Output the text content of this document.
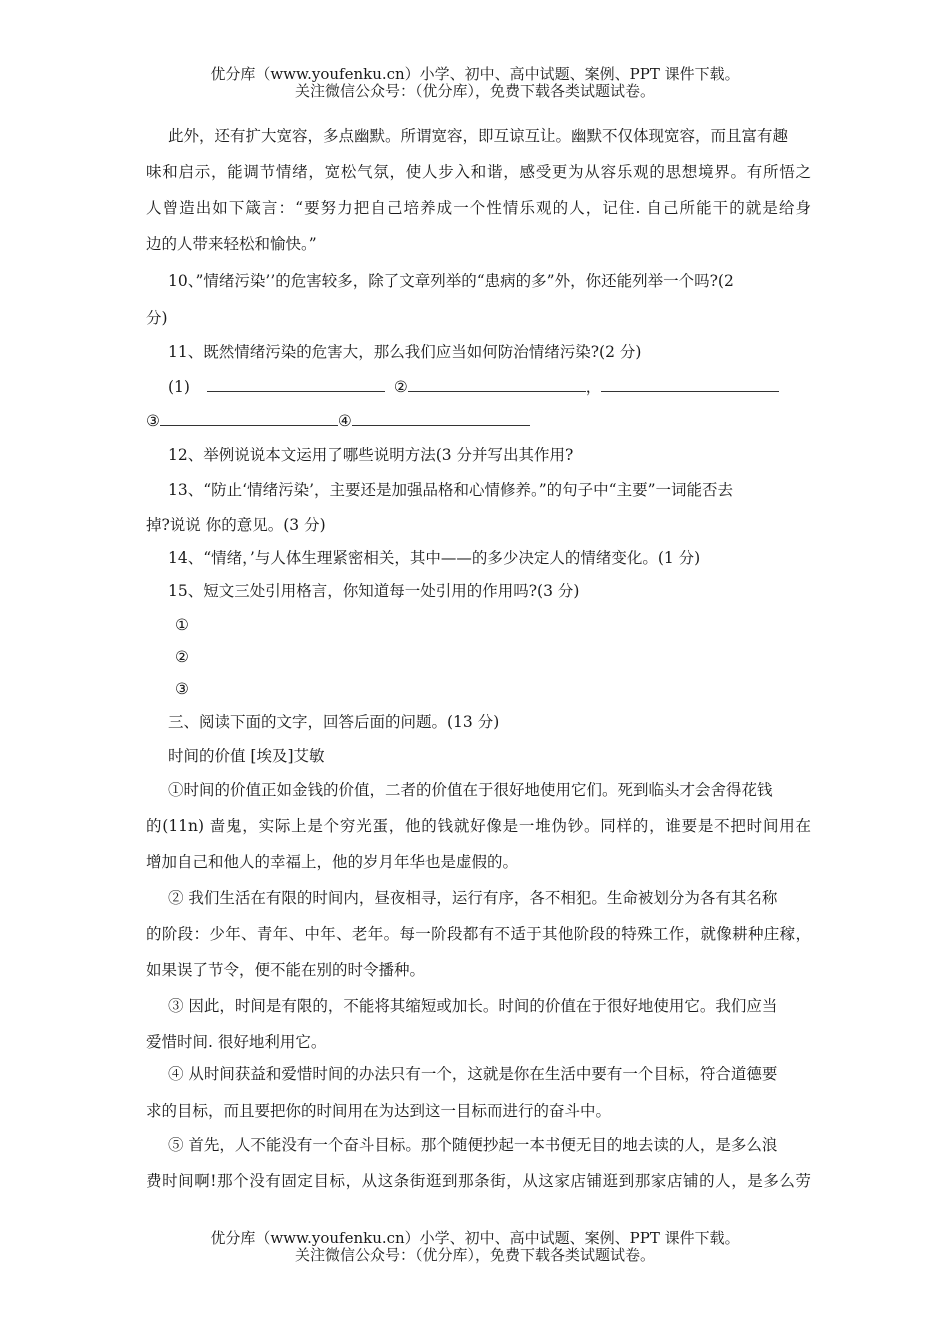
优分库（www.youfenku.cn）小学、初中、高中试题、案例、PPT 课件下载。
关注微信公众号：（优分库），免费下载各类试题试卷。
此外，还有扩大宽容，多点幽默。所谓宽容，即互谅互让。幽默不仅体现宽容，而且富有趣
味和启示，能调节情绪，宽松气氛，使人步入和谐，感受更为从容乐观的思想境界。有所悟之
人曾造出如下箴言：“要努力把自己培养成一个性情乐观的人，记住. 自己所能干的就是给身
边的人带来轻松和愉快。”
10、”情绪污染’’的危害较多，除了文章列举的“患病的多”外，你还能列举一个吗?(2
分)
11、既然情绪污染的危害大，那么我们应当如何防治情绪污染?(2 分)
(1)	②	，
③	④
12、举例说说本文运用了哪些说明方法(3 分并写出其作用?
13、“防止‘情绪污染’，主要还是加强品格和心情修养。”的句子中“主要”一词能否去
掉?说说 你的意见。(3 分)
14、“情绪，’与人体生理紧密相关，其中——的多少决定人的情绪变化。(1 分)
15、短文三处引用格言，你知道每一处引用的作用吗?(3 分)
①
②
③
三、阅读下面的文字，回答后面的问题。(13 分)
时间的价值 [埃及]艾敏
①时间的价值正如金钱的价值，二者的价值在于很好地使用它们。死到临头才会舍得花钱
的(11n) 啬鬼，实际上是个穷光蛋，他的钱就好像是一堆伪钞。同样的，谁要是不把时间用在
增加自己和他人的幸福上，他的岁月年华也是虚假的。
② 我们生活在有限的时间内，昼夜相寻，运行有序，各不相犯。生命被划分为各有其名称
的阶段：少年、青年、中年、老年。每一阶段都有不适于其他阶段的特殊工作，就像耕种庄稼，
如果误了节令，便不能在别的时令播种。
③ 因此，时间是有限的，不能将其缩短或加长。时间的价值在于很好地使用它。我们应当
爱惜时间. 很好地利用它。
④ 从时间获益和爱惜时间的办法只有一个，这就是你在生活中要有一个目标，符合道德要
求的目标，而且要把你的时间用在为达到这一目标而进行的奋斗中。
⑤ 首先，人不能没有一个奋斗目标。那个随便抄起一本书便无目的地去读的人，是多么浪
费时间啊!那个没有固定目标，从这条街逛到那条街，从这家店铺逛到那家店铺的人，是多么劳
优分库（www.youfenku.cn）小学、初中、高中试题、案例、PPT 课件下载。
关注微信公众号：（优分库），免费下载各类试题试卷。
